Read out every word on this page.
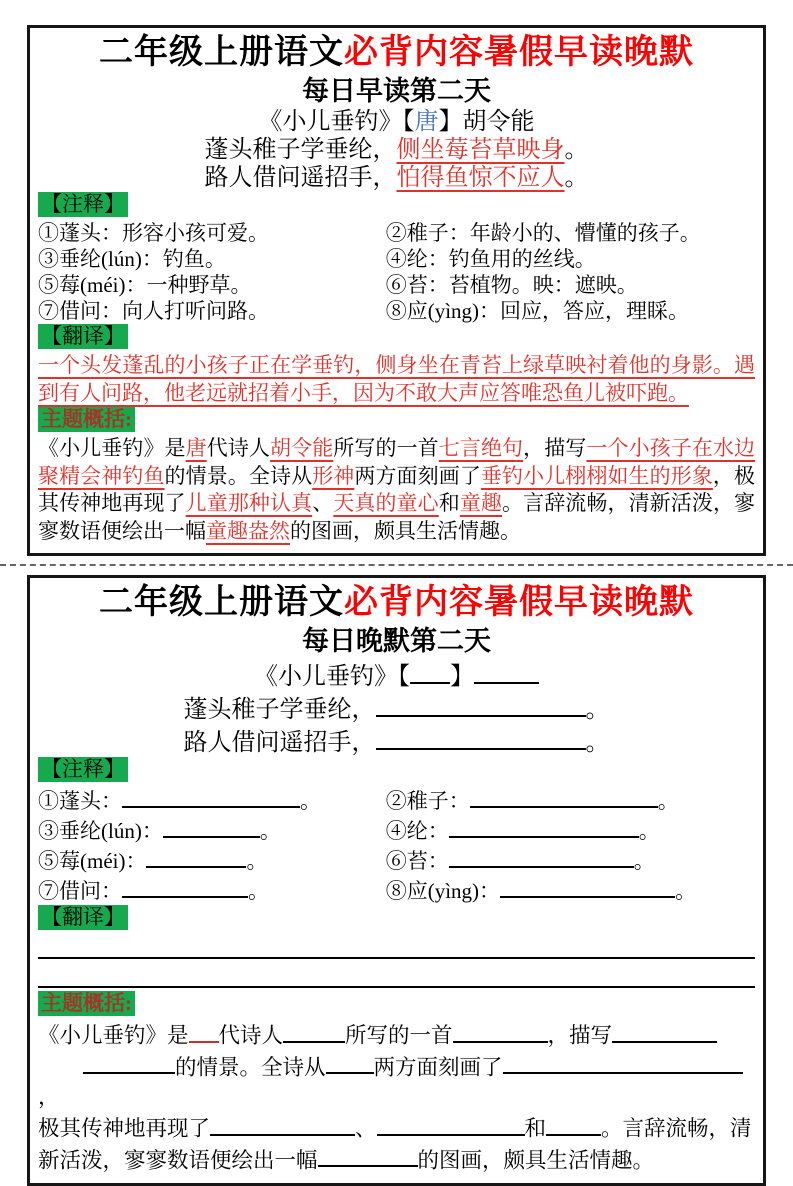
二年级上册语文必背内容暑假早读晚默
每日早读第二天
《小儿垂钓》【唐】胡令能
蓬头稚子学垂纶，侧坐莓苔草映身。
路人借问遥招手，怕得鱼惊不应人。
【注释】
①蓬头：形容小孩可爱。	②稚子：年龄小的、懵懂的孩子。
③垂纶(lún)：钓鱼。	④纶：钓鱼用的丝线。
⑤莓(méi)：一种野草。	⑥苔：苔植物。映：遮映。
⑦借问：向人打听问路。	⑧应(yìng)：回应，答应，理睬。
【翻译】
一个头发蓬乱的小孩子正在学垂钓，侧身坐在青苔上绿草映衬着他的身影。遇到有人问路，他老远就招着小手，因为不敢大声应答唯恐鱼儿被吓跑。
主题概括:
《小儿垂钓》是唐代诗人胡令能所写的一首七言绝句，描写一个小孩子在水边聚精会神钓鱼的情景。全诗从形神两方面刻画了垂钓小儿栩栩如生的形象，极其传神地再现了儿童那种认真、天真的童心和童趣。言辞流畅，清新活泼，寥寥数语便绘出一幅童趣盎然的图画，颇具生活情趣。
二年级上册语文必背内容暑假早读晚默
每日晚默第二天
《小儿垂钓》【 】
蓬头稚子学垂纶，	。
路人借问遥招手，	。
【注释】
①蓬头：	。	②稚子：	。
③垂纶(lún)：	。	④纶：	。
⑤莓(méi)：	。	⑥苔：	。
⑦借问：	。	⑧应(yìng)：	。
【翻译】
主题概括:
《小儿垂钓》是 代诗人	所写的一首	，描写
的情景。全诗从 两方面刻画了，
极其传神地再现了	、	和	。言辞流畅，清
新活泼，寥寥数语便绘出一幅	的图画，颇具生活情趣。
